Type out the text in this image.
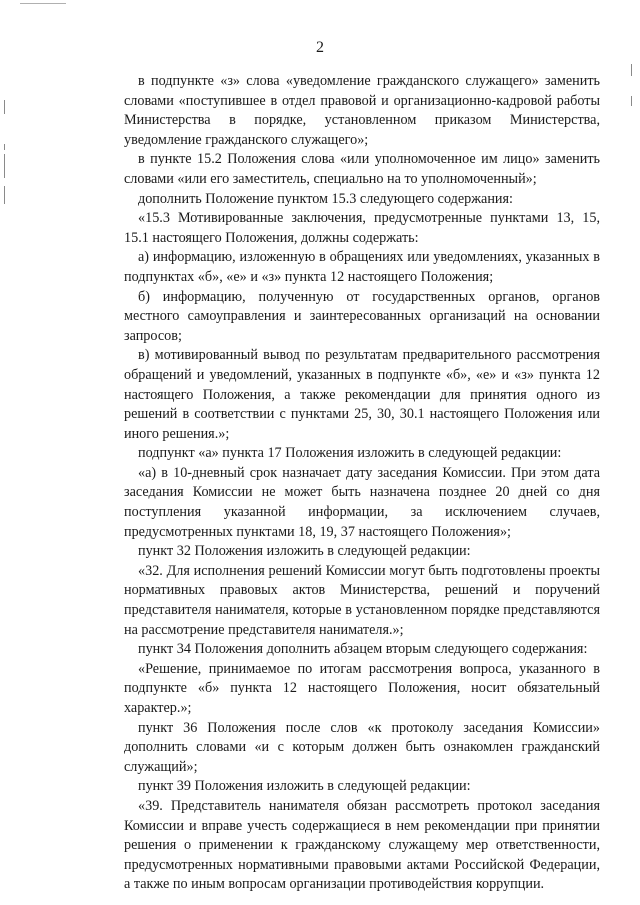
2

в подпункте «з» слова «уведомление гражданского служащего» заменить словами «поступившее в отдел правовой и организационно-кадровой работы Министерства в порядке, установленном приказом Министерства, уведомление гражданского служащего»;

в пункте 15.2 Положения слова «или уполномоченное им лицо» заменить словами «или его заместитель, специально на то уполномоченный»;

дополнить Положение пунктом 15.3 следующего содержания:

«15.3 Мотивированные заключения, предусмотренные пунктами 13, 15, 15.1 настоящего Положения, должны содержать:

а) информацию, изложенную в обращениях или уведомлениях, указанных в подпунктах «б», «е» и «з» пункта 12 настоящего Положения;

б) информацию, полученную от государственных органов, органов местного самоуправления и заинтересованных организаций на основании запросов;

в) мотивированный вывод по результатам предварительного рассмотрения обращений и уведомлений, указанных в подпункте «б», «е» и «з» пункта 12 настоящего Положения, а также рекомендации для принятия одного из решений в соответствии с пунктами 25, 30, 30.1 настоящего Положения или иного решения.»;

подпункт «а» пункта 17 Положения изложить в следующей редакции:

«а) в 10-дневный срок назначает дату заседания Комиссии. При этом дата заседания Комиссии не может быть назначена позднее 20 дней со дня поступления указанной информации, за исключением случаев, предусмотренных пунктами 18, 19, 37 настоящего Положения»;

пункт 32 Положения изложить в следующей редакции:

«32. Для исполнения решений Комиссии могут быть подготовлены проекты нормативных правовых актов Министерства, решений и поручений представителя нанимателя, которые в установленном порядке представляются на рассмотрение представителя нанимателя.»;

пункт 34 Положения дополнить абзацем вторым следующего содержания:

«Решение, принимаемое по итогам рассмотрения вопроса, указанного в подпункте «б» пункта 12 настоящего Положения, носит обязательный характер.»;

пункт 36 Положения после слов «к протоколу заседания Комиссии» дополнить словами «и с которым должен быть ознакомлен гражданский служащий»;

пункт 39 Положения изложить в следующей редакции:

«39. Представитель нанимателя обязан рассмотреть протокол заседания Комиссии и вправе учесть содержащиеся в нем рекомендации при принятии решения о применении к гражданскому служащему мер ответственности, предусмотренных нормативными правовыми актами Российской Федерации, а также по иным вопросам организации противодействия коррупции.
